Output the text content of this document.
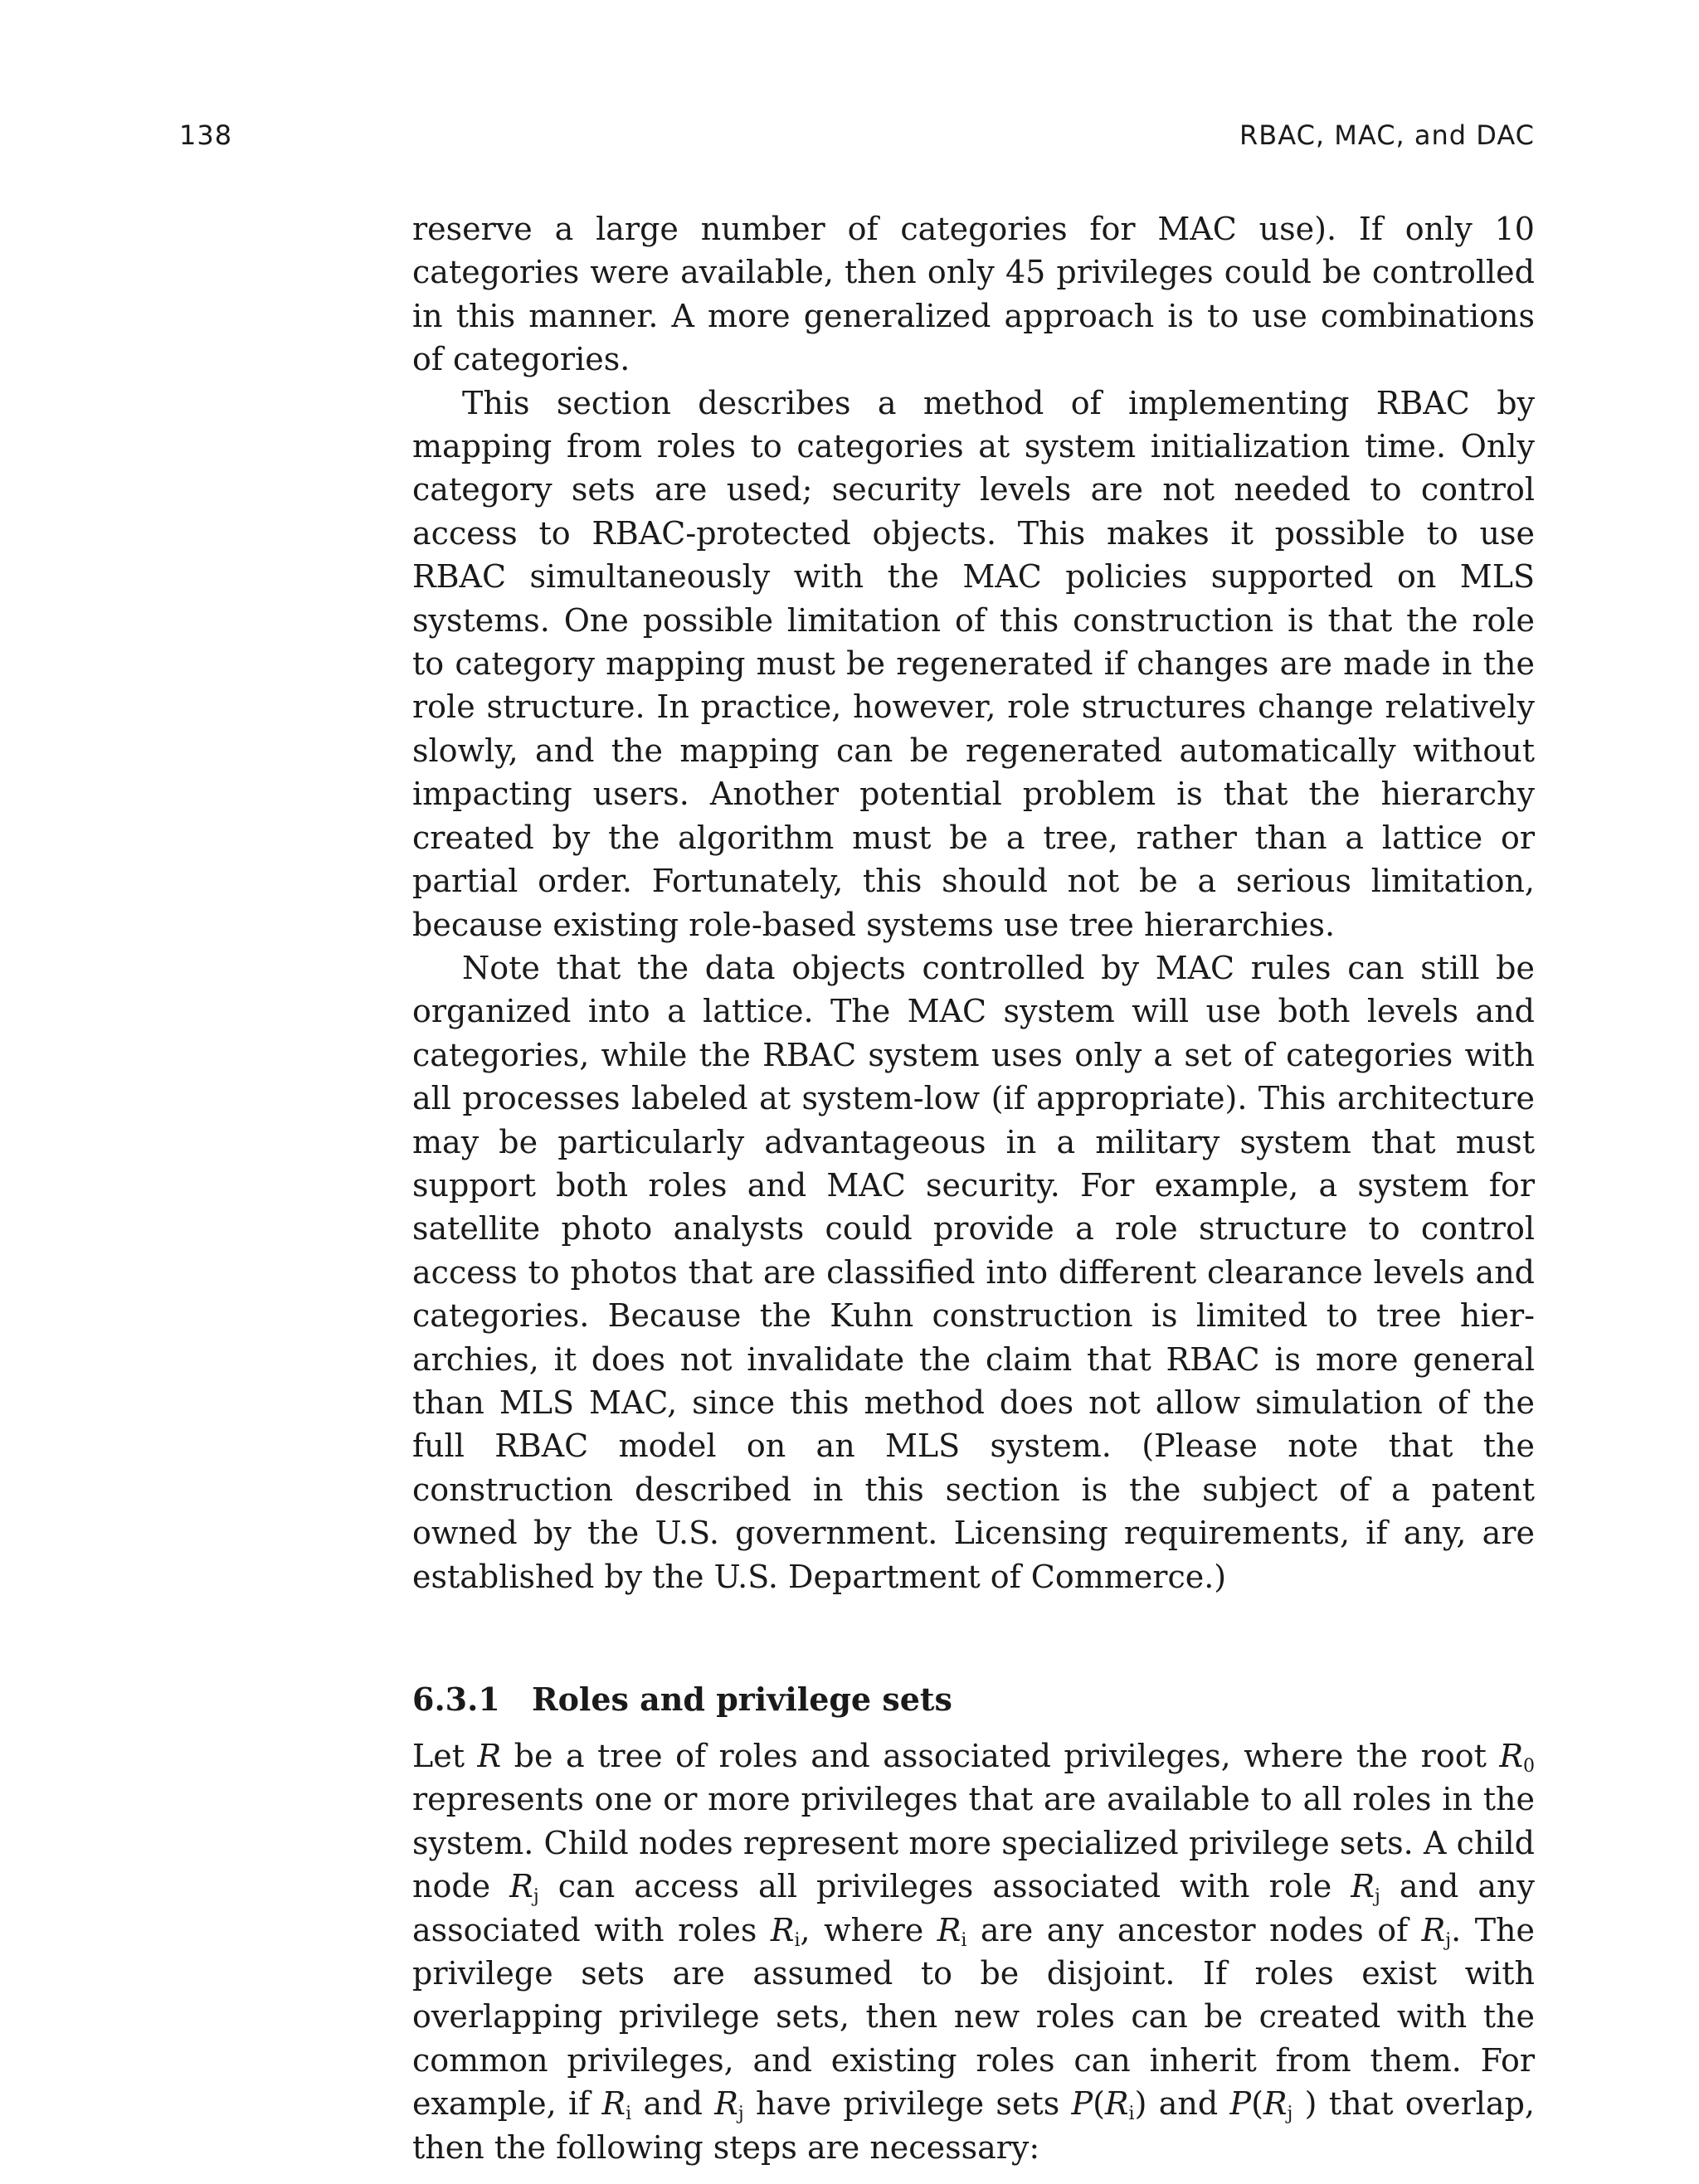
138	RBAC, MAC, and DAC

reserve a large number of categories for MAC use). If only 10 categories were available, then only 45 privileges could be controlled in this manner. A more generalized approach is to use combinations of categories.

This section describes a method of implementing RBAC by mapping from roles to categories at system initialization time. Only category sets are used; security levels are not needed to control access to RBAC-protected objects. This makes it possible to use RBAC simultaneously with the MAC policies supported on MLS systems. One possible limitation of this construction is that the role to category mapping must be regenerated if changes are made in the role structure. In practice, however, role structures change relatively slowly, and the mapping can be regenerated automatically without impacting users. Another potential problem is that the hierarchy created by the algorithm must be a tree, rather than a lattice or partial order. Fortunately, this should not be a serious limitation, because existing role-based systems use tree hierarchies.

Note that the data objects controlled by MAC rules can still be organized into a lattice. The MAC system will use both levels and categories, while the RBAC system uses only a set of categories with all processes labeled at system-low (if appropriate). This architecture may be particularly advantageous in a military system that must support both roles and MAC security. For example, a system for satellite photo analysts could provide a role structure to control access to photos that are classified into different clearance levels and categories. Because the Kuhn construction is limited to tree hierarchies, it does not invalidate the claim that RBAC is more general than MLS MAC, since this method does not allow simulation of the full RBAC model on an MLS system. (Please note that the construction described in this section is the subject of a patent owned by the U.S. government. Licensing requirements, if any, are established by the U.S. Department of Commerce.)

6.3.1 Roles and privilege sets

Let R be a tree of roles and associated privileges, where the root $R_0$ represents one or more privileges that are available to all roles in the system. Child nodes represent more specialized privilege sets. A child node $R_j$ can access all privileges associated with role $R_j$ and any associated with roles $R_i$, where $R_i$ are any ancestor nodes of $R_j$. The privilege sets are assumed to be disjoint. If roles exist with overlapping privilege sets, then new roles can be created with the common privileges, and existing roles can inherit from them. For example, if $R_i$ and $R_j$ have privilege sets $P(R_i)$ and $P(R_j$ ) that overlap, then the following steps are necessary:
